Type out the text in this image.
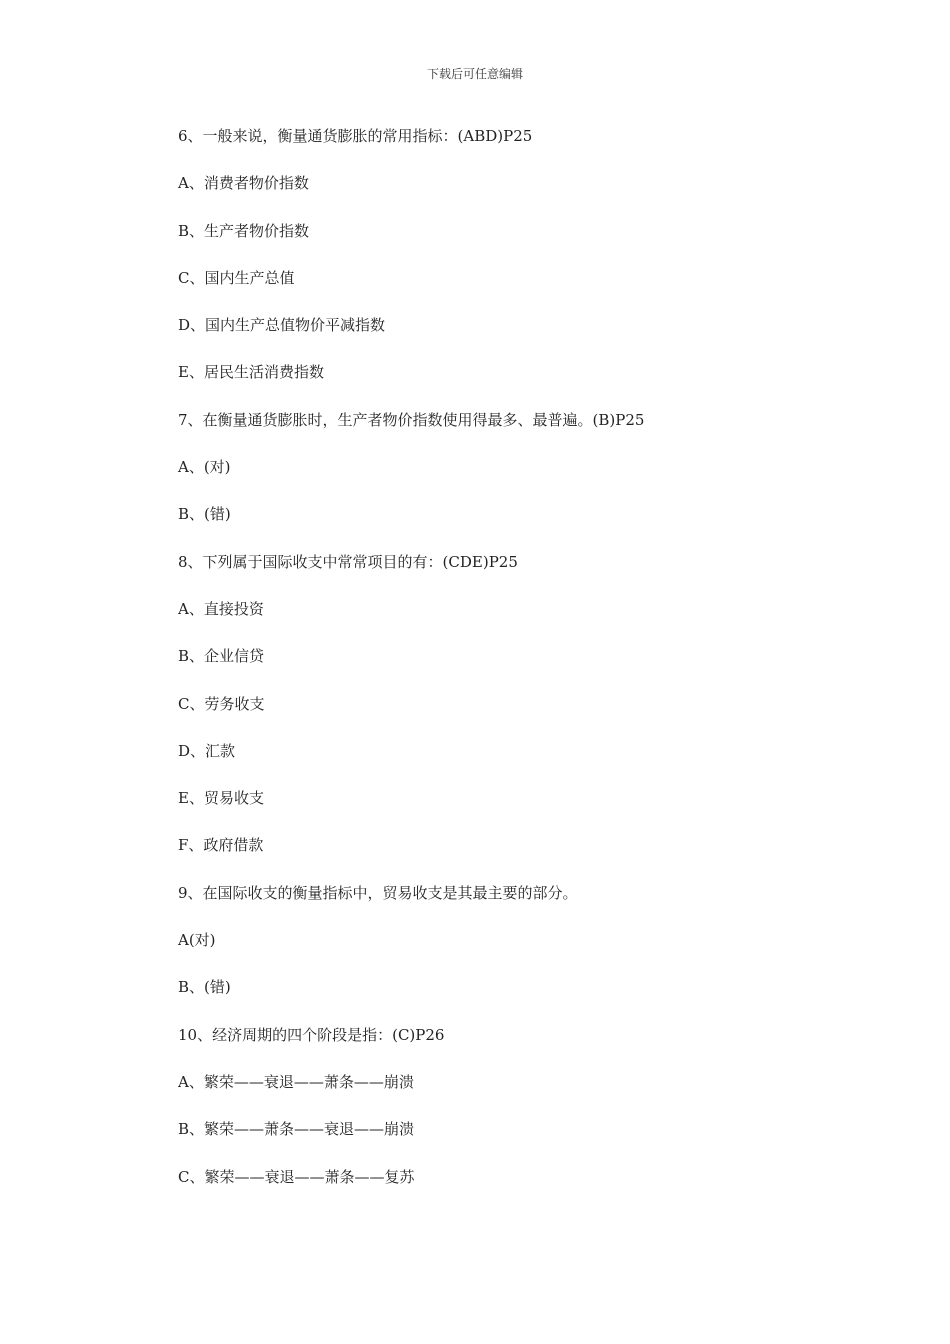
下载后可任意编辑
6、一般来说，衡量通货膨胀的常用指标：(ABD)P25
A、消费者物价指数
B、生产者物价指数
C、国内生产总值
D、国内生产总值物价平减指数
E、居民生活消费指数
7、在衡量通货膨胀时，生产者物价指数使用得最多、最普遍。(B)P25
A、(对)
B、(错)
8、下列属于国际收支中常常项目的有：(CDE)P25
A、直接投资
B、企业信贷
C、劳务收支
D、汇款
E、贸易收支
F、政府借款
9、在国际收支的衡量指标中，贸易收支是其最主要的部分。
A(对)
B、(错)
10、经济周期的四个阶段是指：(C)P26
A、繁荣——衰退——萧条——崩溃
B、繁荣——萧条——衰退——崩溃
C、繁荣——衰退——萧条——复苏
